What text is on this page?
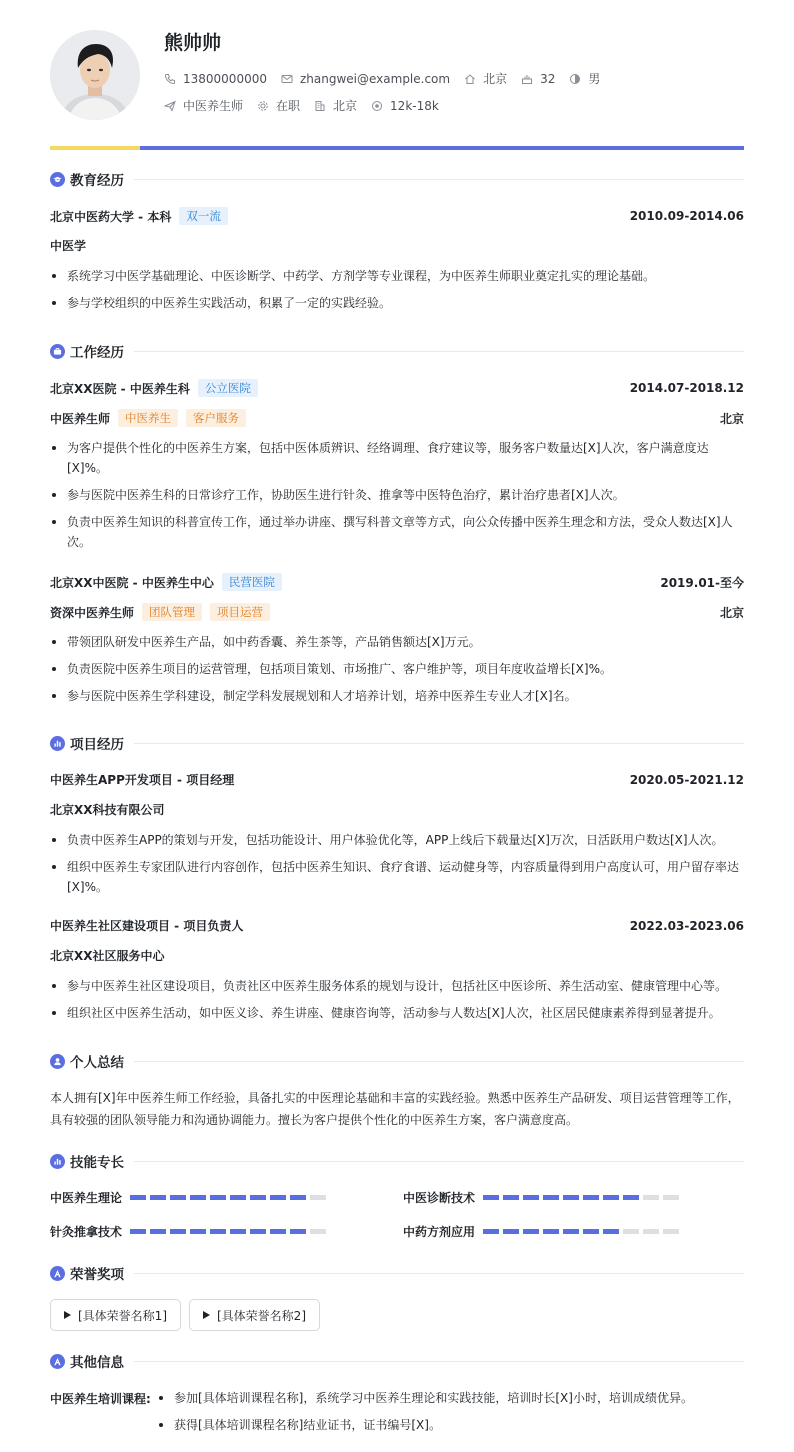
熊帅帅
13800000000	zhangwei@example.com	北京	32	男
中医养生师	在职	北京	12k-18k
教育经历
北京中医药大学 - 本科	双一流	2010.09-2014.06
中医学
系统学习中医学基础理论、中医诊断学、中药学、方剂学等专业课程，为中医养生师职业奠定扎实的理论基础。
参与学校组织的中医养生实践活动，积累了一定的实践经验。
工作经历
北京XX医院 - 中医养生科	公立医院	2014.07-2018.12
中医养生师	中医养生	客户服务	北京
为客户提供个性化的中医养生方案，包括中医体质辨识、经络调理、食疗建议等，服务客户数量达[X]人次，客户满意度达[X]%。
参与医院中医养生科的日常诊疗工作，协助医生进行针灸、推拿等中医特色治疗，累计治疗患者[X]人次。
负责中医养生知识的科普宣传工作，通过举办讲座、撰写科普文章等方式，向公众传播中医养生理念和方法，受众人数达[X]人次。
北京XX中医院 - 中医养生中心	民营医院	2019.01-至今
资深中医养生师	团队管理	项目运营	北京
带领团队研发中医养生产品，如中药香囊、养生茶等，产品销售额达[X]万元。
负责医院中医养生项目的运营管理，包括项目策划、市场推广、客户维护等，项目年度收益增长[X]%。
参与医院中医养生学科建设，制定学科发展规划和人才培养计划，培养中医养生专业人才[X]名。
项目经历
中医养生APP开发项目 - 项目经理	2020.05-2021.12
北京XX科技有限公司
负责中医养生APP的策划与开发，包括功能设计、用户体验优化等，APP上线后下载量达[X]万次，日活跃用户数达[X]人次。
组织中医养生专家团队进行内容创作，包括中医养生知识、食疗食谱、运动健身等，内容质量得到用户高度认可，用户留存率达[X]%。
中医养生社区建设项目 - 项目负责人	2022.03-2023.06
北京XX社区服务中心
参与中医养生社区建设项目，负责社区中医养生服务体系的规划与设计，包括社区中医诊所、养生活动室、健康管理中心等。
组织社区中医养生活动，如中医义诊、养生讲座、健康咨询等，活动参与人数达[X]人次，社区居民健康素养得到显著提升。
个人总结
本人拥有[X]年中医养生师工作经验，具备扎实的中医理论基础和丰富的实践经验。熟悉中医养生产品研发、项目运营管理等工作，具有较强的团队领导能力和沟通协调能力。擅长为客户提供个性化的中医养生方案，客户满意度高。
技能专长
中医养生理论	中医诊断技术
针灸推拿技术	中药方剂应用
荣誉奖项
[具体荣誉名称1]	[具体荣誉名称2]
其他信息
中医养生培训课程:	参加[具体培训课程名称]，系统学习中医养生理论和实践技能，培训时长[X]小时，培训成绩优异。
获得[具体培训课程名称]结业证书，证书编号[X]。
